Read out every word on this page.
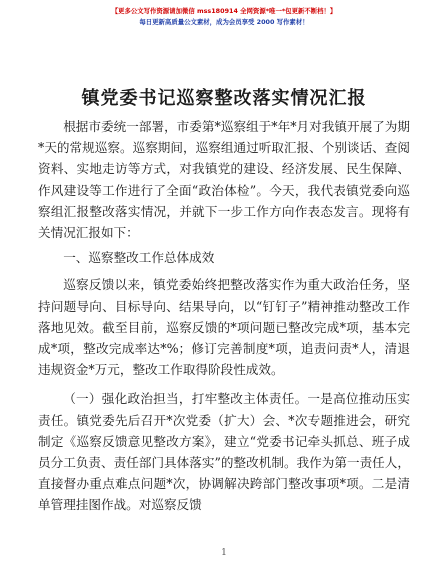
【更多公文写作资源请加微信 mss180914 全网资源*唯一*包更新不断档！】
每日更新高质量公文素材，成为会员享受 2000 写作素材！
镇党委书记巡察整改落实情况汇报

根据市委统一部署，市委第*巡察组于*年*月对我镇开展了为期*天的常规巡察。巡察期间，巡察组通过听取汇报、个别谈话、查阅资料、实地走访等方式，对我镇党的建设、经济发展、民生保障、作风建设等工作进行了全面“政治体检”。今天，我代表镇党委向巡察组汇报整改落实情况，并就下一步工作方向作表态发言。现将有关情况汇报如下：

一、巡察整改工作总体成效

巡察反馈以来，镇党委始终把整改落实作为重大政治任务，坚持问题导向、目标导向、结果导向，以“钉钉子”精神推动整改工作落地见效。截至目前，巡察反馈的*项问题已整改完成*项，基本完成*项，整改完成率达*%；修订完善制度*项，追责问责*人，清退违规资金*万元，整改工作取得阶段性成效。

（一）强化政治担当，打牢整改主体责任。一是高位推动压实责任。镇党委先后召开*次党委（扩大）会、*次专题推进会，研究制定《巡察反馈意见整改方案》，建立“党委书记牵头抓总、班子成员分工负责、责任部门具体落实”的整改机制。我作为第一责任人，直接督办重点难点问题*次，协调解决跨部门整改事项*项。二是清单管理挂图作战。对巡察反馈

1
